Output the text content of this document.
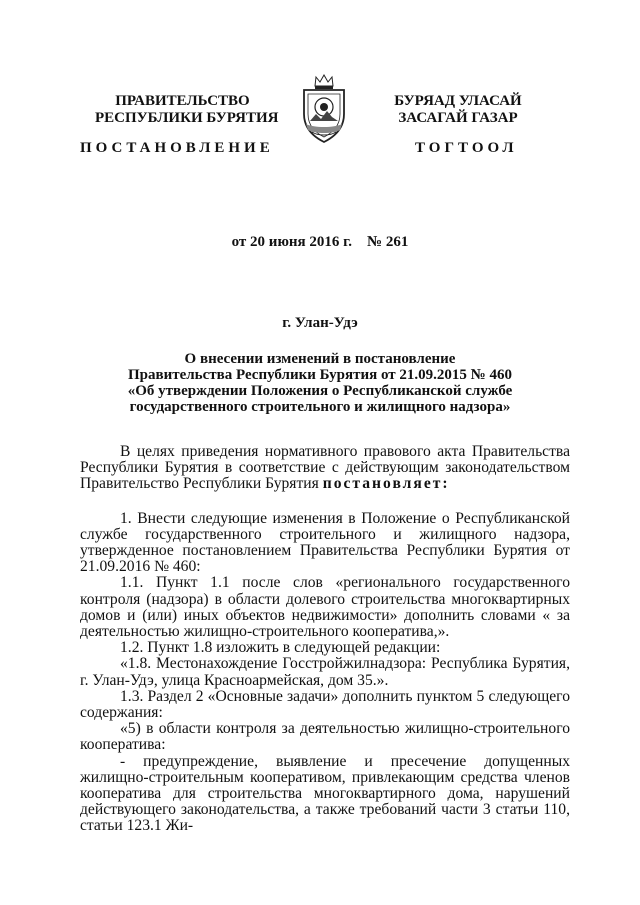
ПРАВИТЕЛЬСТВО
РЕСПУБЛИКИ БУРЯТИЯ
БУРЯАД УЛАСАЙ
ЗАСАГАЙ ГАЗАР
ПОСТАНОВЛЕНИЕ	ТОГТООЛ
от 20 июня 2016 г.    № 261
г. Улан-Удэ
О внесении изменений в постановление
Правительства Республики Бурятия от 21.09.2015 № 460
«Об утверждении Положения о Республиканской службе
государственного строительного и жилищного надзора»

В целях приведения нормативного правового акта Правительства Республики Бурятия в соответствие с действующим законодательством Правительство Республики Бурятия постановляет:

1. Внести следующие изменения в Положение о Республиканской службе государственного строительного и жилищного надзора, утвержденное постановлением Правительства Республики Бурятия от 21.09.2016 № 460:

1.1. Пункт 1.1 после слов «регионального государственного контроля (надзора) в области долевого строительства многоквартирных домов и (или) иных объектов недвижимости» дополнить словами « за деятельностью жилищно-строительного кооператива,».

1.2. Пункт 1.8 изложить в следующей редакции:

«1.8. Местонахождение Госстройжилнадзора: Республика Бурятия, г. Улан-Удэ, улица Красноармейская, дом 35.».

1.3. Раздел 2 «Основные задачи» дополнить пунктом 5 следующего содержания:

«5) в области контроля за деятельностью жилищно-строительного кооператива:

- предупреждение, выявление и пресечение допущенных жилищно-строительным кооперативом, привлекающим средства членов кооператива для строительства многоквартирного дома, нарушений действующего законодательства, а также требований части 3 статьи 110, статьи 123.1 Жи-
